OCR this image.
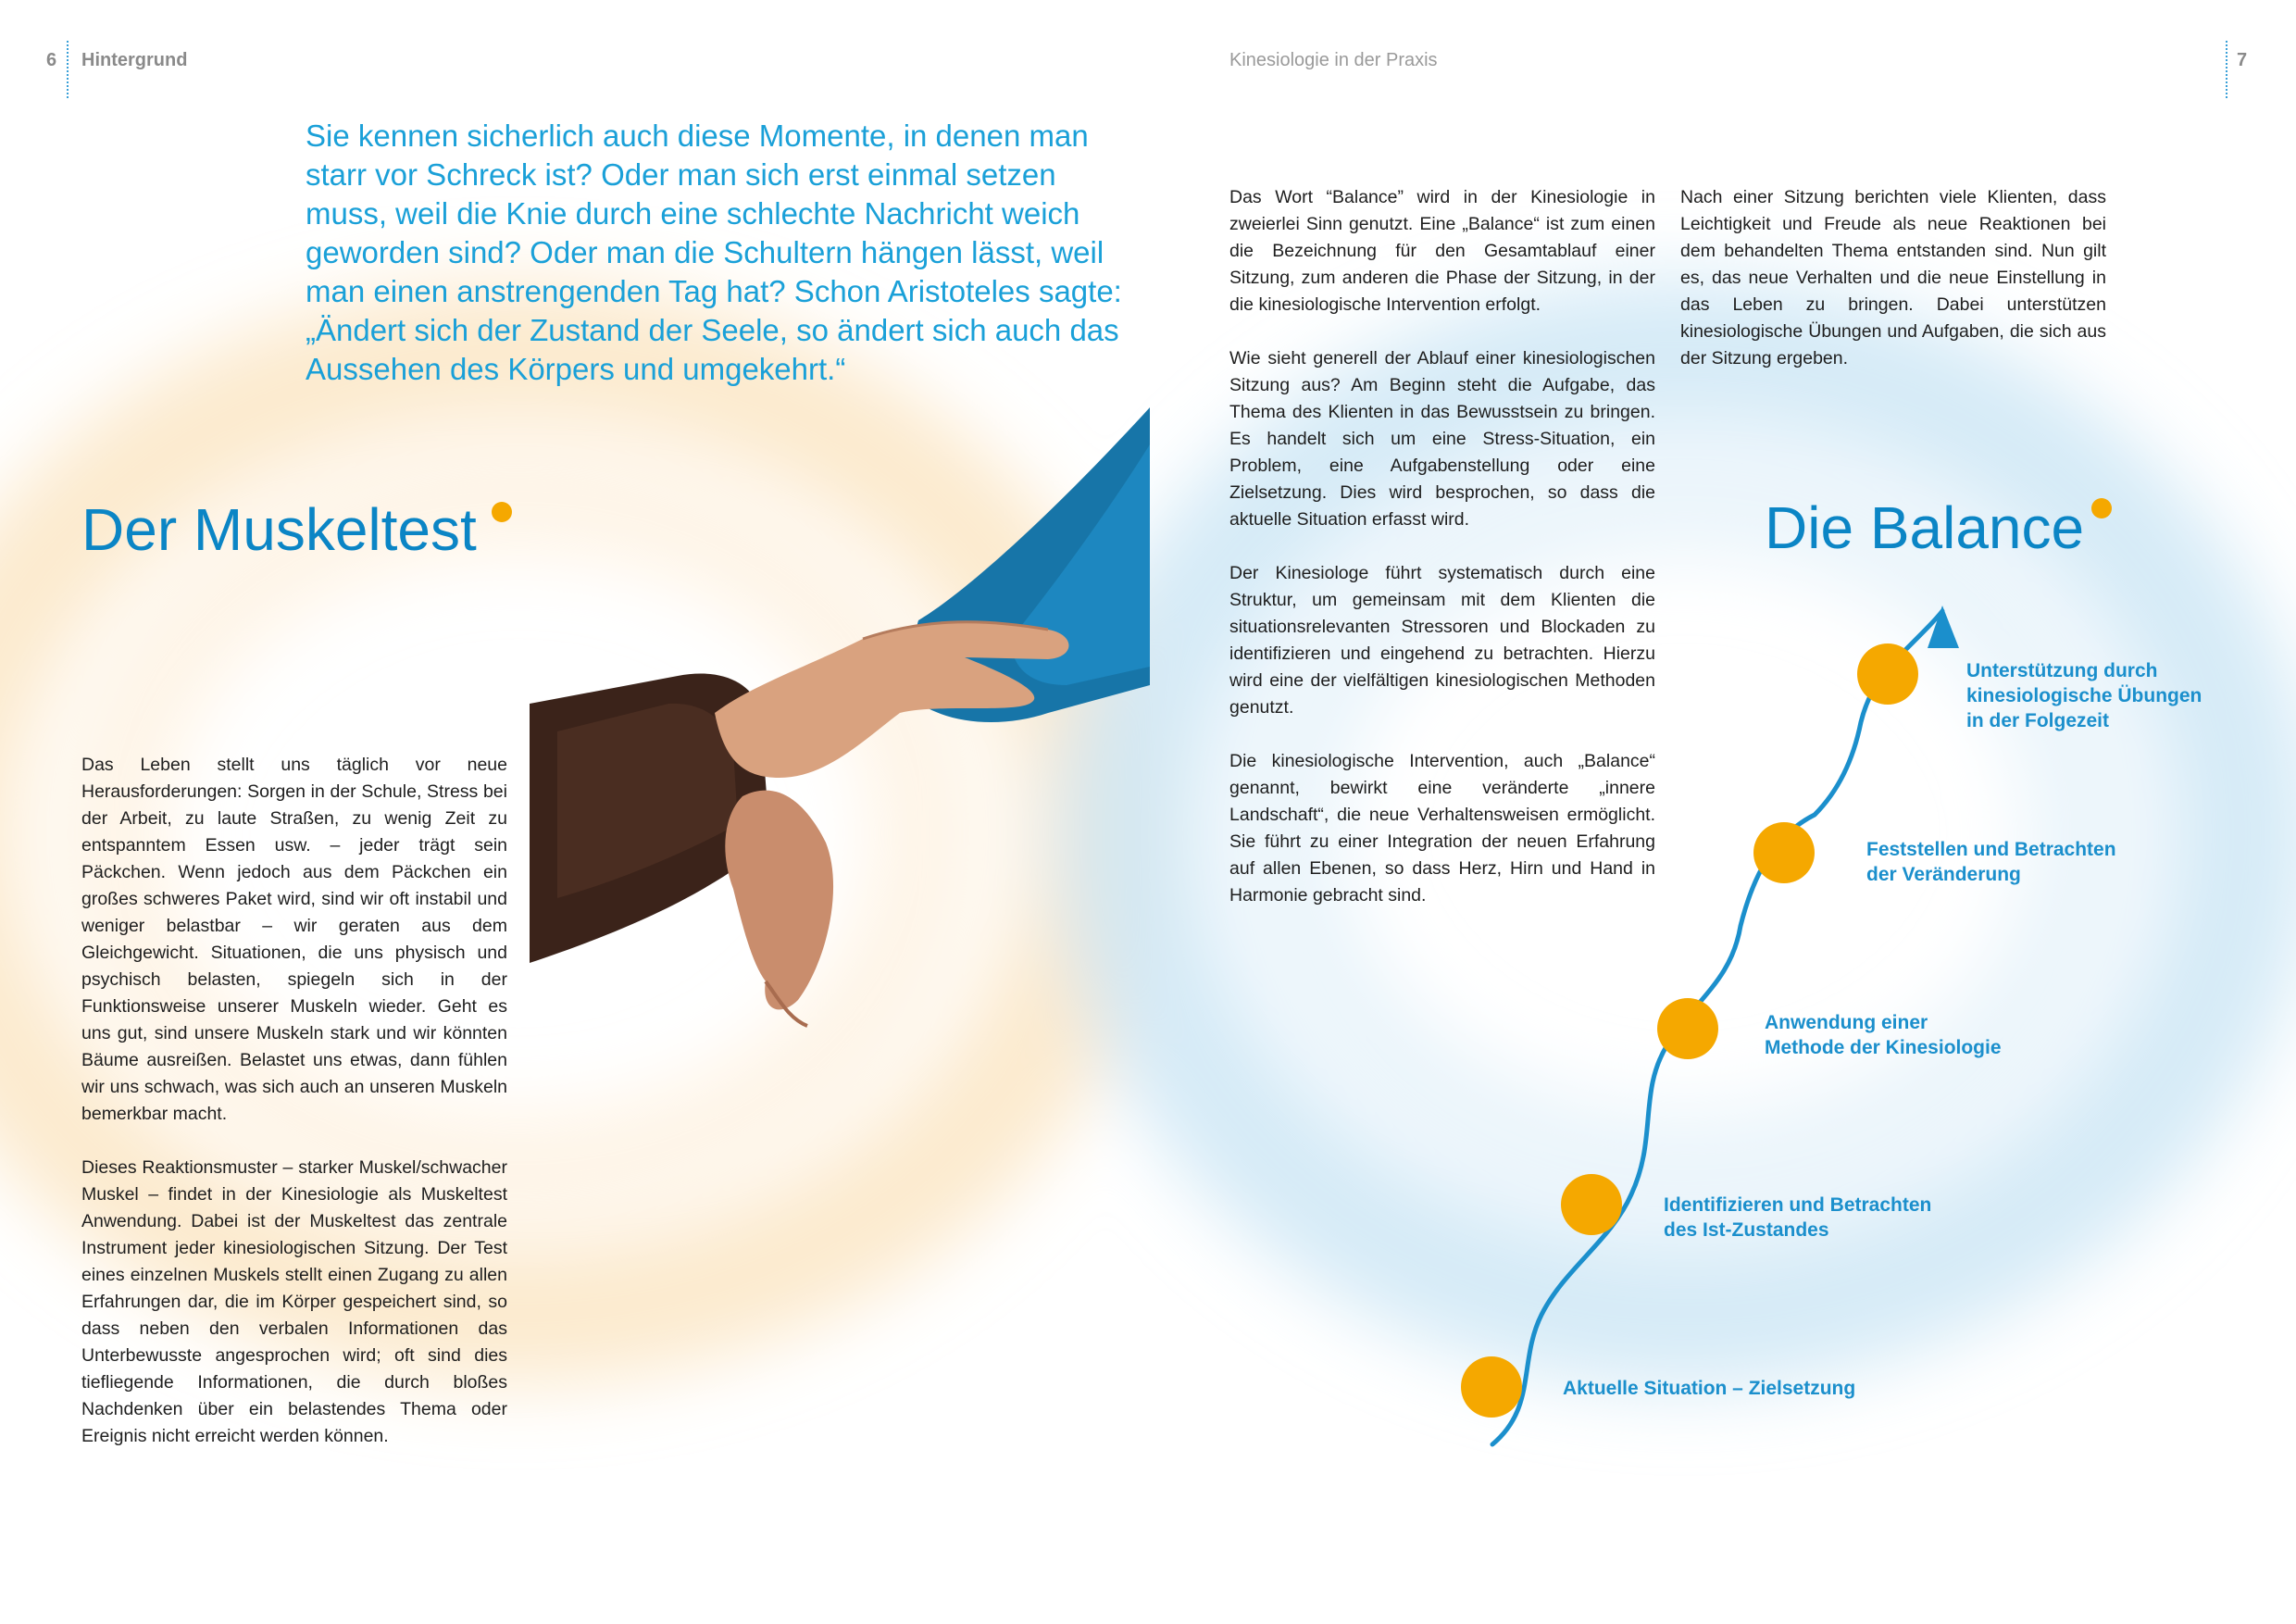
6 Hintergrund	Kinesiologie in der Praxis	7

Sie kennen sicherlich auch diese Momente, in denen man starr vor Schreck ist? Oder man sich erst einmal setzen muss, weil die Knie durch eine schlechte Nachricht weich geworden sind? Oder man die Schultern hängen lässt, weil man einen anstrengenden Tag hat? Schon Aristoteles sagte: „Ändert sich der Zustand der Seele, so ändert sich auch das Aussehen des Körpers und umgekehrt.“

Der Muskeltest

Das Leben stellt uns täglich vor neue Herausforderungen: Sorgen in der Schule, Stress bei der Arbeit, zu laute Straßen, zu wenig Zeit zu entspanntem Essen usw. – jeder trägt sein Päckchen. Wenn jedoch aus dem Päckchen ein großes schweres Paket wird, sind wir oft instabil und weniger belastbar – wir geraten aus dem Gleichgewicht. Situationen, die uns physisch und psychisch belasten, spiegeln sich in der Funktionsweise unserer Muskeln wieder. Geht es uns gut, sind unsere Muskeln stark und wir könnten Bäume ausreißen. Belastet uns etwas, dann fühlen wir uns schwach, was sich auch an unseren Muskeln bemerkbar macht.

Dieses Reaktionsmuster – starker Muskel/schwacher Muskel – findet in der Kinesiologie als Muskeltest Anwendung. Dabei ist der Muskeltest das zentrale Instrument jeder kinesiologischen Sitzung. Der Test eines einzelnen Muskels stellt einen Zugang zu allen Erfahrungen dar, die im Körper gespeichert sind, so dass neben den verbalen Informationen das Unterbewusste angesprochen wird; oft sind dies tiefliegende Informationen, die durch bloßes Nachdenken über ein belastendes Thema oder Ereignis nicht erreicht werden können.

Das Wort “Balance” wird in der Kinesiologie in zweierlei Sinn genutzt. Eine „Balance“ ist zum einen die Bezeichnung für den Gesamtablauf einer Sitzung, zum anderen die Phase der Sitzung, in der die kinesiologische Intervention erfolgt.

Wie sieht generell der Ablauf einer kinesiologischen Sitzung aus? Am Beginn steht die Aufgabe, das Thema des Klienten in das Bewusstsein zu bringen. Es handelt sich um eine Stress-Situation, ein Problem, eine Aufgabenstellung oder eine Zielsetzung. Dies wird besprochen, so dass die aktuelle Situation erfasst wird.

Der Kinesiologe führt systematisch durch eine Struktur, um gemeinsam mit dem Klienten die situationsrelevanten Stressoren und Blockaden zu identifizieren und eingehend zu betrachten. Hierzu wird eine der vielfältigen kinesiologischen Methoden genutzt.

Die kinesiologische Intervention, auch „Balance“ genannt, bewirkt eine veränderte „innere Landschaft“, die neue Verhaltensweisen ermöglicht. Sie führt zu einer Integration der neuen Erfahrung auf allen Ebenen, so dass Herz, Hirn und Hand in Harmonie gebracht sind.

Nach einer Sitzung berichten viele Klienten, dass Leichtigkeit und Freude als neue Reaktionen bei dem behandelten Thema entstanden sind. Nun gilt es, das neue Verhalten und die neue Einstellung in das Leben zu bringen. Dabei unterstützen kinesiologische Übungen und Aufgaben, die sich aus der Sitzung ergeben.

Die Balance
Aktuelle Situation – Zielsetzung
Identifizieren und Betrachten
des Ist-Zustandes
Anwendung einer
Methode der Kinesiologie
Feststellen und Betrachten
der Veränderung
Unterstützung durch
kinesiologische Übungen
in der Folgezeit
